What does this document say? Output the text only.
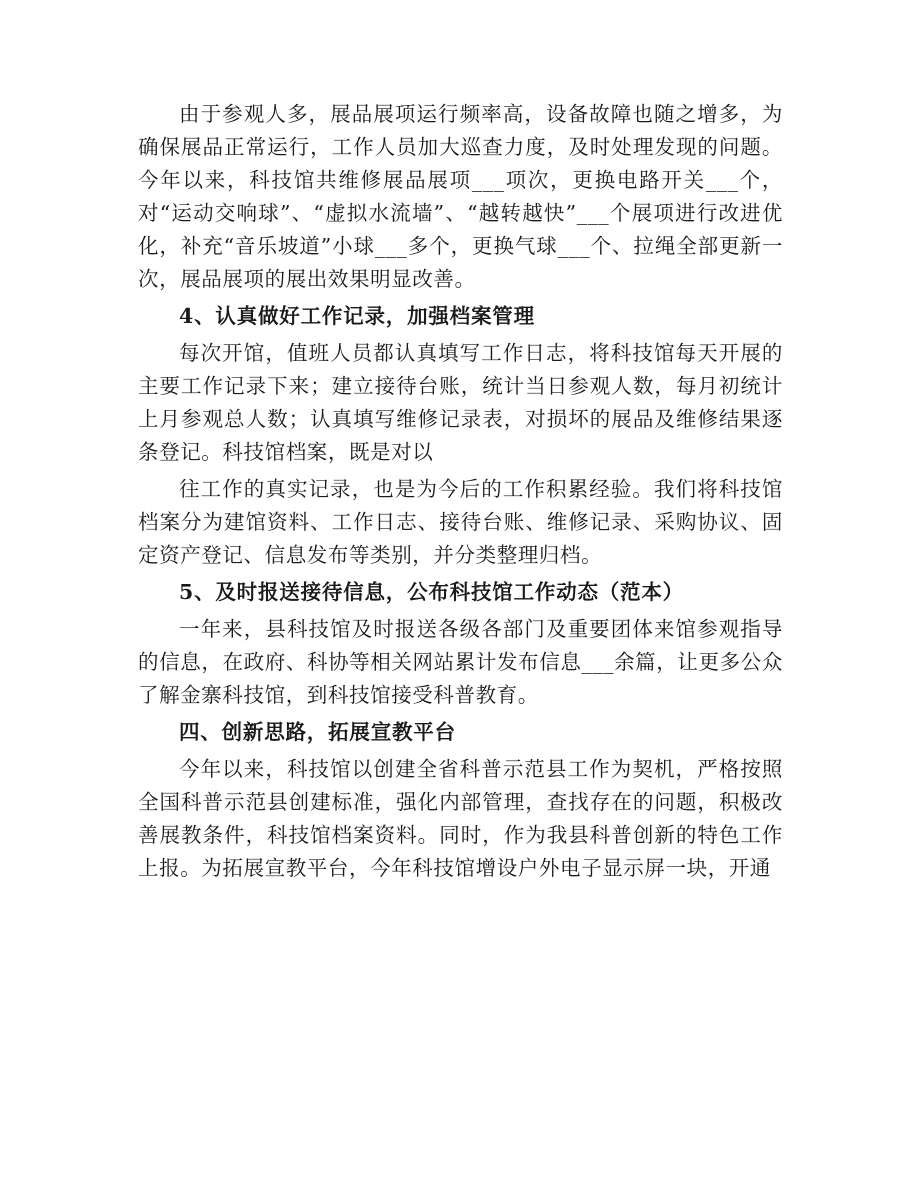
由于参观人多，展品展项运行频率高，设备故障也随之增多，为确保展品正常运行，工作人员加大巡查力度，及时处理发现的问题。今年以来，科技馆共维修展品展项___项次，更换电路开关___个，对“运动交响球”、“虚拟水流墙”、“越转越快”___个展项进行改进优化，补充“音乐坡道”小球___多个，更换气球___个、拉绳全部更新一次，展品展项的展出效果明显改善。

4、认真做好工作记录，加强档案管理

每次开馆，值班人员都认真填写工作日志，将科技馆每天开展的主要工作记录下来；建立接待台账，统计当日参观人数，每月初统计上月参观总人数；认真填写维修记录表，对损坏的展品及维修结果逐条登记。科技馆档案，既是对以

往工作的真实记录，也是为今后的工作积累经验。我们将科技馆档案分为建馆资料、工作日志、接待台账、维修记录、采购协议、固定资产登记、信息发布等类别，并分类整理归档。

5、及时报送接待信息，公布科技馆工作动态（范本）

一年来，县科技馆及时报送各级各部门及重要团体来馆参观指导的信息，在政府、科协等相关网站累计发布信息___余篇，让更多公众了解金寨科技馆，到科技馆接受科普教育。

四、创新思路，拓展宣教平台

今年以来，科技馆以创建全省科普示范县工作为契机，严格按照全国科普示范县创建标准，强化内部管理，查找存在的问题，积极改善展教条件，科技馆档案资料。同时，作为我县科普创新的特色工作上报。为拓展宣教平台，今年科技馆增设户外电子显示屏一块，开通
